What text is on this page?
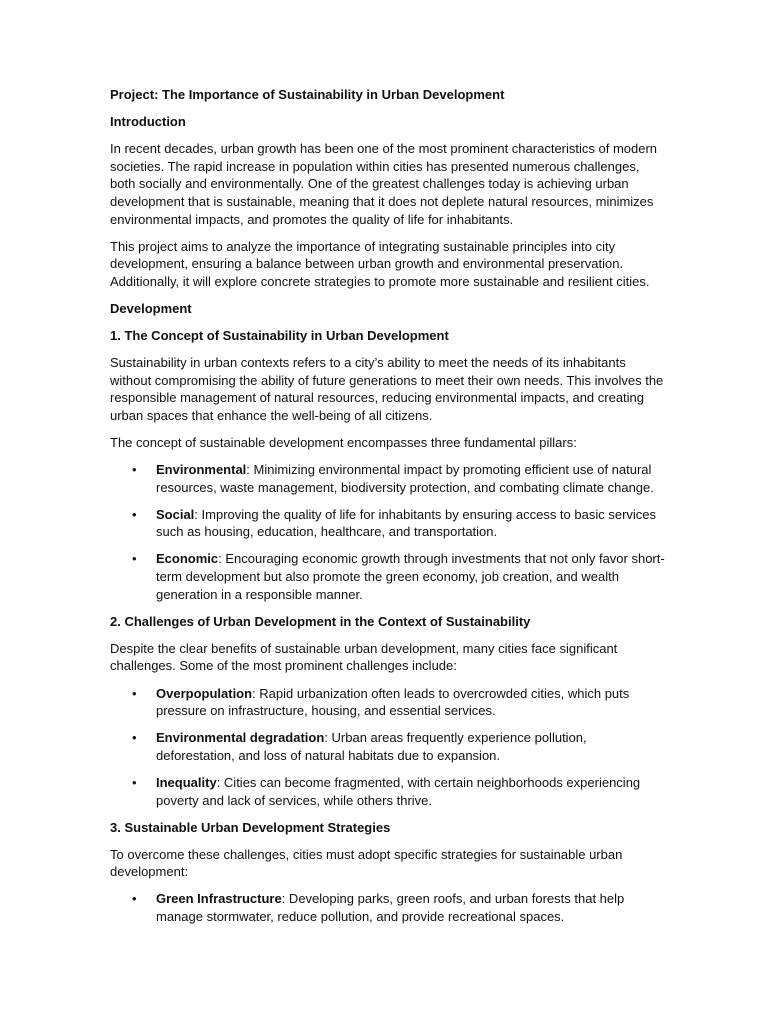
Project: The Importance of Sustainability in Urban Development
Introduction
In recent decades, urban growth has been one of the most prominent characteristics of modern societies. The rapid increase in population within cities has presented numerous challenges, both socially and environmentally. One of the greatest challenges today is achieving urban development that is sustainable, meaning that it does not deplete natural resources, minimizes environmental impacts, and promotes the quality of life for inhabitants.
This project aims to analyze the importance of integrating sustainable principles into city development, ensuring a balance between urban growth and environmental preservation. Additionally, it will explore concrete strategies to promote more sustainable and resilient cities.
Development
1. The Concept of Sustainability in Urban Development
Sustainability in urban contexts refers to a city’s ability to meet the needs of its inhabitants without compromising the ability of future generations to meet their own needs. This involves the responsible management of natural resources, reducing environmental impacts, and creating urban spaces that enhance the well-being of all citizens.
The concept of sustainable development encompasses three fundamental pillars:
• Environmental: Minimizing environmental impact by promoting efficient use of natural resources, waste management, biodiversity protection, and combating climate change.
• Social: Improving the quality of life for inhabitants by ensuring access to basic services such as housing, education, healthcare, and transportation.
• Economic: Encouraging economic growth through investments that not only favor short-term development but also promote the green economy, job creation, and wealth generation in a responsible manner.
2. Challenges of Urban Development in the Context of Sustainability
Despite the clear benefits of sustainable urban development, many cities face significant challenges. Some of the most prominent challenges include:
• Overpopulation: Rapid urbanization often leads to overcrowded cities, which puts pressure on infrastructure, housing, and essential services.
• Environmental degradation: Urban areas frequently experience pollution, deforestation, and loss of natural habitats due to expansion.
• Inequality: Cities can become fragmented, with certain neighborhoods experiencing poverty and lack of services, while others thrive.
3. Sustainable Urban Development Strategies
To overcome these challenges, cities must adopt specific strategies for sustainable urban development:
• Green Infrastructure: Developing parks, green roofs, and urban forests that help manage stormwater, reduce pollution, and provide recreational spaces.
